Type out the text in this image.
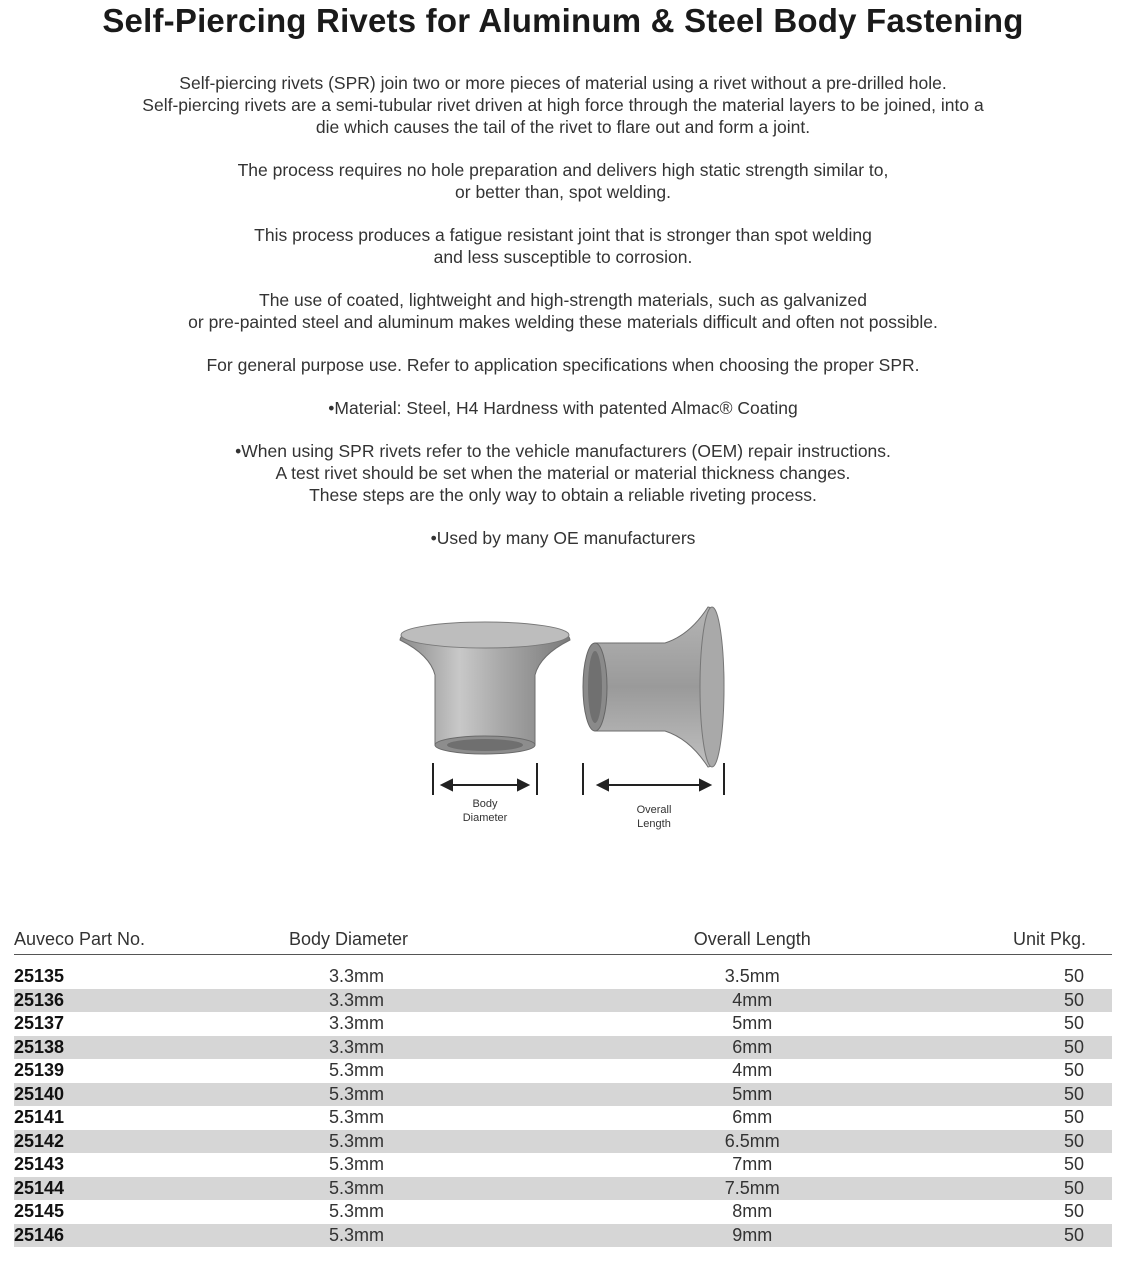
Self-Piercing Rivets for Aluminum & Steel Body Fastening

Self-piercing rivets (SPR) join two or more pieces of material using a rivet without a pre-drilled hole.
Self-piercing rivets are a semi-tubular rivet driven at high force through the material layers to be joined, into a
die which causes the tail of the rivet to flare out and form a joint.

The process requires no hole preparation and delivers high static strength similar to,
or better than, spot welding.

This process produces a fatigue resistant joint that is stronger than spot welding
and less susceptible to corrosion.

The use of coated, lightweight and high-strength materials, such as galvanized
or pre-painted steel and aluminum makes welding these materials difficult and often not possible.

For general purpose use. Refer to application specifications when choosing the proper SPR.

•Material: Steel, H4 Hardness with patented Almac® Coating

•When using SPR rivets refer to the vehicle manufacturers (OEM) repair instructions.
A test rivet should be set when the material or material thickness changes.
These steps are the only way to obtain a reliable riveting process.

•Used by many OE manufacturers

Body
Diameter
Overall
Length
Auveco Part No.	Body Diameter	Overall Length	Unit Pkg.
25135	3.3mm	3.5mm	50
25136	3.3mm	4mm	50
25137	3.3mm	5mm	50
25138	3.3mm	6mm	50
25139	5.3mm	4mm	50
25140	5.3mm	5mm	50
25141	5.3mm	6mm	50
25142	5.3mm	6.5mm	50
25143	5.3mm	7mm	50
25144	5.3mm	7.5mm	50
25145	5.3mm	8mm	50
25146	5.3mm	9mm	50
